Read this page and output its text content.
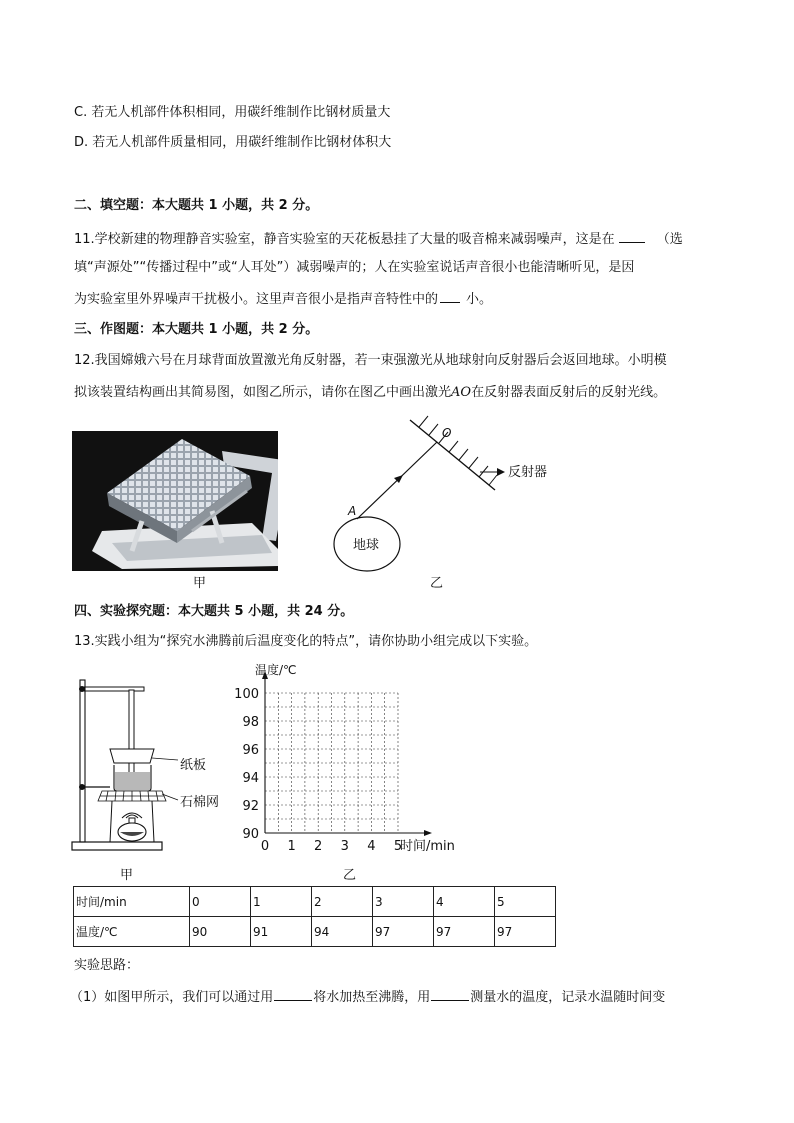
C. 若无人机部件体积相同，用碳纤维制作比钢材质量大
D. 若无人机部件质量相同，用碳纤维制作比钢材体积大
二、填空题：本大题共 1 小题，共 2 分。
11.学校新建的物理静音实验室，静音实验室的天花板悬挂了大量的吸音棉来减弱噪声，这是在	（选
填“声源处”“传播过程中”或“人耳处”）减弱噪声的；人在实验室说话声音很小也能清晰听见，是因
为实验室里外界噪声干扰极小。这里声音很小是指声音特性中的 小。
三、作图题：本大题共 1 小题，共 2 分。
12.我国嫦娥六号在月球背面放置激光角反射器，若一束强激光从地球射向反射器后会返回地球。小明模
拟该装置结构画出其简易图，如图乙所示，请你在图乙中画出激光AO在反射器表面反射后的反射光线。
甲
O
A
反射器
地球
乙
四、实验探究题：本大题共 5 小题，共 24 分。
13.实践小组为“探究水沸腾前后温度变化的特点”，请你协助小组完成以下实验。
纸板
石棉网
甲
0 1 2 3 4 5
90
92
94
96
98
100
时间/min
温度/℃
乙
时间/min	0	1	2	3	4	5
温度/℃	90	91	94	97	97	97
实验思路：
（1）如图甲所示，我们可以通过用	将水加热至沸腾，用	测量水的温度，记录水温随时间变
